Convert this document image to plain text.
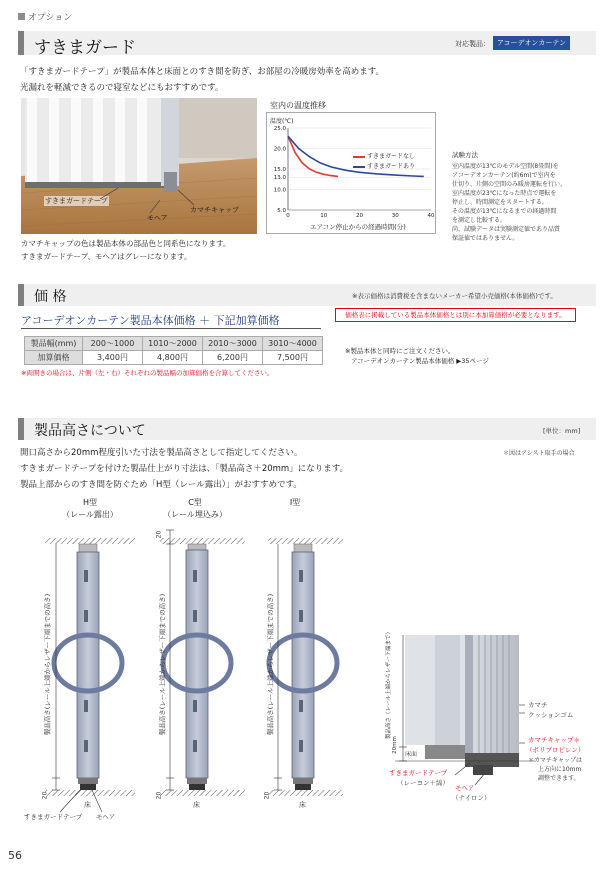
オプション
すきまガード	対応製品： アコーデオンカーテン
「すきまガードテープ」が製品本体と床面とのすき間を防ぎ、お部屋の冷暖房効率を高めます。
光漏れを軽減できるので寝室などにもおすすめです。
すきまガードテープ
モヘア
カマチキャップ
カマチキャップの色は製品本体の部品色と同系色になります。
すきまガードテープ、モヘアはグレーになります。
室内の温度推移
温度(℃)
25.0
20.0
15.0
13.0
10.0
5.0
0	10	20	30	40
エアコン停止からの経過時間(分)
すきまガードなし
すきまガードあり
試験方法
室内温度が13℃のモデル空間(8畳間)を
アコーデオンカーテン(約6m)で室内を
仕切り、片側の空間のみ暖房運転を行い、
室内温度が23℃になった時点で運転を
停止し、時間測定をスタートする。
その温度が13℃になるまでの経過時間
を測定し比較する。
尚、試験データは実験測定値であり品質
保証値ではありません。
価 格	※表示価格は消費税を含まないメーカー希望小売価格(本体価格)です。
アコーデオンカーテン製品本体価格 ＋ 下記加算価格	価格表に掲載している製品本体価格とは別に本加算価格が必要となります。
製品幅(mm)	200～1000	1010～2000	2010～3000	3010～4000
加算価格	3,400円	4,800円	6,200円	7,500円
※製品本体と同時にご注文ください。
アコーデオンカーテン製品本体価格 ▶35ページ
※両開きの場合は、片側（左・右）それぞれの製品幅の加算価格を合算してください。
製品高さについて	[単位：mm]
＊図はアシスト取手の場合
開口高さから20mm程度引いた寸法を製品高さとして指定してください。
すきまガードテープを付けた製品仕上がり寸法は、「製品高さ＋20mm」になります。
製品上部からのすき間を防ぐため「H型（レール露出）」がおすすめです。
H型
（レール露出）
C型
（レール埋込み）
I型
製品高さ(レール上端からレザー下端までの高さ)	製品高さ(レール上端からレザー下端までの高さ)	製品高さ(レール上端からレザー下端までの高さ)
20
20
20	20
床	床	床
すきまガードテープ モヘア
製品高さ（レール上端からレザー下端まで）
20mm
床面
カマチ
クッションゴム
カマチキャップ＊
（ポリプロピレン）
＊カマチキャップは
上方向に10mm
調整できます。
すきまガードテープ
（レーヨン＋綿）
モヘア
（ナイロン）
56
